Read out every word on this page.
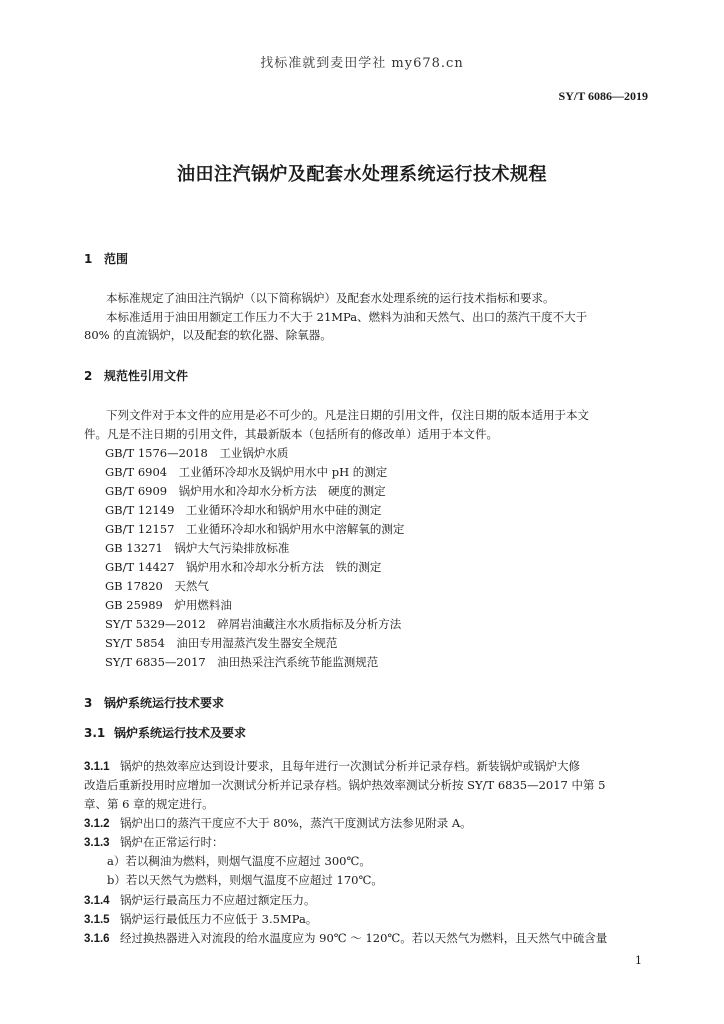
找标准就到麦田学社 my678.cn
SY/T 6086—2019
油田注汽锅炉及配套水处理系统运行技术规程
1 范围
本标准规定了油田注汽锅炉（以下简称锅炉）及配套水处理系统的运行技术指标和要求。
本标准适用于油田用额定工作压力不大于 21MPa、燃料为油和天然气、出口的蒸汽干度不大于
80% 的直流锅炉，以及配套的软化器、除氧器。
2 规范性引用文件
下列文件对于本文件的应用是必不可少的。凡是注日期的引用文件，仅注日期的版本适用于本文
件。凡是不注日期的引用文件，其最新版本（包括所有的修改单）适用于本文件。
GB/T 1576—2018　工业锅炉水质
GB/T 6904　工业循环冷却水及锅炉用水中 pH 的测定
GB/T 6909　锅炉用水和冷却水分析方法　硬度的测定
GB/T 12149　工业循环冷却水和锅炉用水中硅的测定
GB/T 12157　工业循环冷却水和锅炉用水中溶解氧的测定
GB 13271　锅炉大气污染排放标准
GB/T 14427　锅炉用水和冷却水分析方法　铁的测定
GB 17820　天然气
GB 25989　炉用燃料油
SY/T 5329—2012　碎屑岩油藏注水水质指标及分析方法
SY/T 5854　油田专用湿蒸汽发生器安全规范
SY/T 6835—2017　油田热采注汽系统节能监测规范
3 锅炉系统运行技术要求
3.1 锅炉系统运行技术及要求
3.1.1 锅炉的热效率应达到设计要求，且每年进行一次测试分析并记录存档。新装锅炉或锅炉大修
改造后重新投用时应增加一次测试分析并记录存档。锅炉热效率测试分析按 SY/T 6835—2017 中第 5
章、第 6 章的规定进行。
3.1.2 锅炉出口的蒸汽干度应不大于 80%，蒸汽干度测试方法参见附录 A。
3.1.3 锅炉在正常运行时：
a）若以稠油为燃料，则烟气温度不应超过 300℃。
b）若以天然气为燃料，则烟气温度不应超过 170℃。
3.1.4 锅炉运行最高压力不应超过额定压力。
3.1.5 锅炉运行最低压力不应低于 3.5MPa。
3.1.6 经过换热器进入对流段的给水温度应为 90℃ ～ 120℃。若以天然气为燃料，且天然气中硫含量
1
